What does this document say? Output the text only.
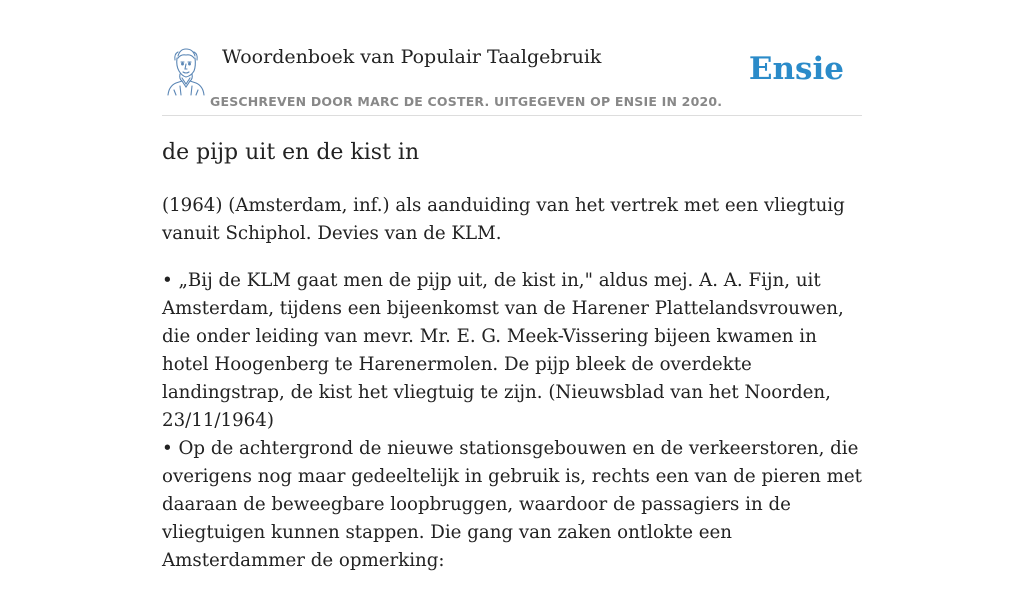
Woordenboek van Populair Taalgebruik
GESCHREVEN DOOR MARC DE COSTER. UITGEGEVEN OP ENSIE IN 2020.
Ensie
de pijp uit en de kist in

(1964) (Amsterdam, inf.) als aanduiding van het vertrek met een vliegtuig vanuit Schiphol. Devies van de KLM.

• „Bij de KLM gaat men de pijp uit, de kist in," aldus mej. A. A. Fijn, uit Amsterdam, tijdens een bijeenkomst van de Harener Plattelandsvrouwen, die onder leiding van mevr. Mr. E. G. Meek-Vissering bijeen kwamen in hotel Hoogenberg te Harenermolen. De pijp bleek de overdekte landingstrap, de kist het vliegtuig te zijn. (Nieuwsblad van het Noorden, 23/11/1964)
• Op de achtergrond de nieuwe stationsgebouwen en de verkeerstoren, die overigens nog maar gedeeltelijk in gebruik is, rechts een van de pieren met daaraan de beweegbare loopbruggen, waardoor de passagiers in de vliegtuigen kunnen stappen. Die gang van zaken ontlokte een Amsterdammer de opmerking:
